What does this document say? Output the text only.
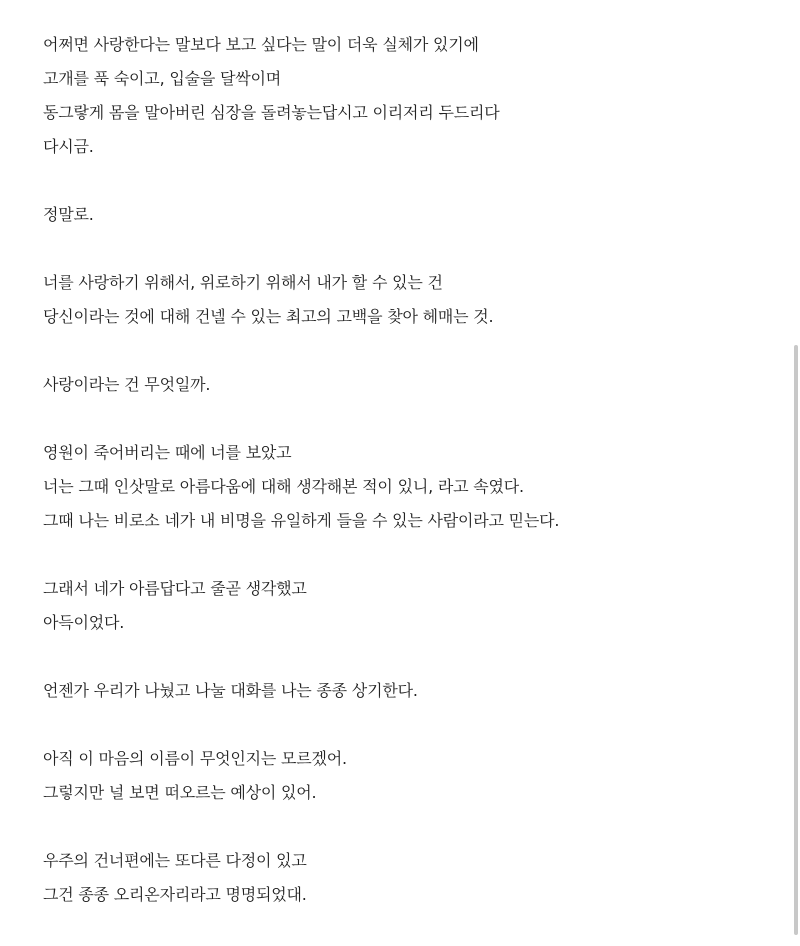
어쩌면 사랑한다는 말보다 보고 싶다는 말이 더욱 실체가 있기에
고개를 푹 숙이고, 입술을 달싹이며
동그랗게 몸을 말아버린 심장을 돌려놓는답시고 이리저리 두드리다
다시금.
정말로.
너를 사랑하기 위해서, 위로하기 위해서 내가 할 수 있는 건
당신이라는 것에 대해 건넬 수 있는 최고의 고백을 찾아 헤매는 것.
사랑이라는 건 무엇일까.
영원이 죽어버리는 때에 너를 보았고
너는 그때 인삿말로 아름다움에 대해 생각해본 적이 있니, 라고 속였다.
그때 나는 비로소 네가 내 비명을 유일하게 들을 수 있는 사람이라고 믿는다.
그래서 네가 아름답다고 줄곧 생각했고
아득이었다.
언젠가 우리가 나눴고 나눌 대화를 나는 종종 상기한다.
아직 이 마음의 이름이 무엇인지는 모르겠어.
그렇지만 널 보면 떠오르는 예상이 있어.
우주의 건너편에는 또다른 다정이 있고
그건 종종 오리온자리라고 명명되었대.
